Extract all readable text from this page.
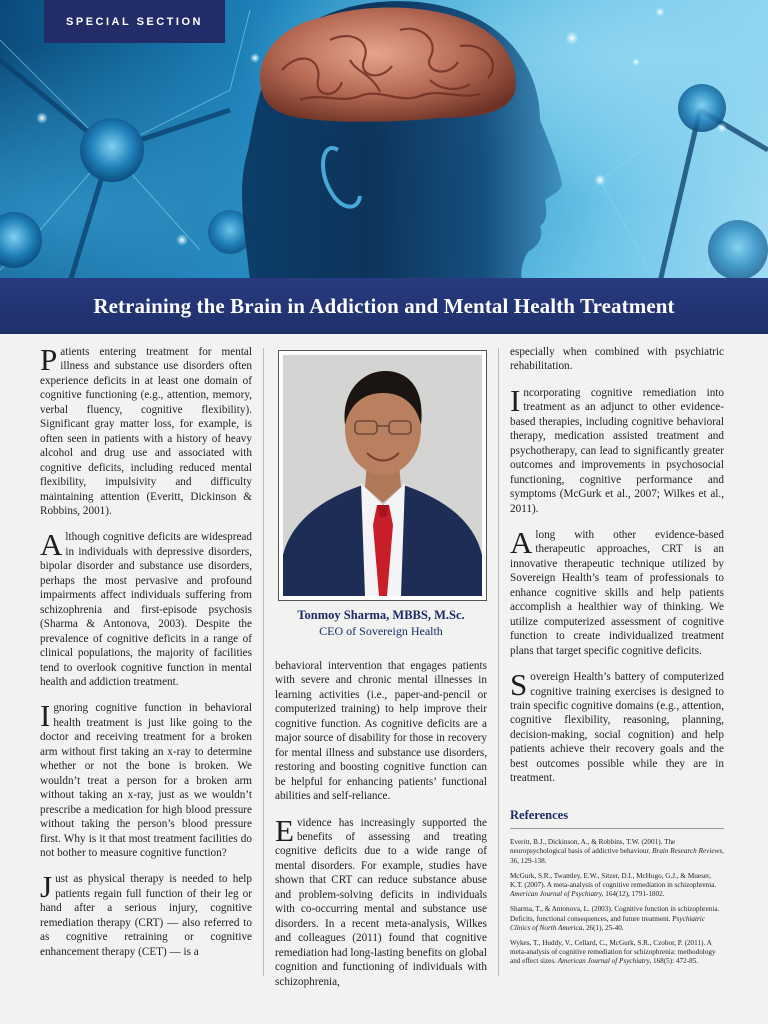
SPECIAL SECTION
Retraining the Brain in Addiction and Mental Health Treatment

Patients entering treatment for mental illness and substance use disorders often experience deficits in at least one domain of cognitive functioning (e.g., attention, memory, verbal fluency, cognitive flexibility). Significant gray matter loss, for example, is often seen in patients with a history of heavy alcohol and drug use and associated with cognitive deficits, including reduced mental flexibility, impulsivity and difficulty maintaining attention (Everitt, Dickinson & Robbins, 2001).

Although cognitive deficits are widespread in individuals with depressive disorders, bipolar disorder and substance use disorders, perhaps the most pervasive and profound impairments affect individuals suffering from schizophrenia and first-episode psychosis (Sharma & Antonova, 2003). Despite the prevalence of cognitive deficits in a range of clinical populations, the majority of facilities tend to overlook cognitive function in mental health and addiction treatment.

Ignoring cognitive function in behavioral health treatment is just like going to the doctor and receiving treatment for a broken arm without first taking an x-ray to determine whether or not the bone is broken. We wouldn’t treat a person for a broken arm without taking an x-ray, just as we wouldn’t prescribe a medication for high blood pressure without taking the person’s blood pressure first. Why is it that most treatment facilities do not bother to measure cognitive function?

Just as physical therapy is needed to help patients regain full function of their leg or hand after a serious injury, cognitive remediation therapy (CRT) — also referred to as cognitive retraining or cognitive enhancement therapy (CET) — is a

Tonmoy Sharma, MBBS, M.Sc.
CEO of Sovereign Health

behavioral intervention that engages patients with severe and chronic mental illnesses in learning activities (i.e., paper-and-pencil or computerized training) to help improve their cognitive function. As cognitive deficits are a major source of disability for those in recovery for mental illness and substance use disorders, restoring and boosting cognitive function can be helpful for enhancing patients’ functional abilities and self-reliance.

Evidence has increasingly supported the benefits of assessing and treating cognitive deficits due to a wide range of mental disorders. For example, studies have shown that CRT can reduce substance abuse and problem-solving deficits in individuals with co-occurring mental and substance use disorders. In a recent meta-analysis, Wilkes and colleagues (2011) found that cognitive remediation had long-lasting benefits on global cognition and functioning of individuals with schizophrenia,

especially when combined with psychiatric rehabilitation.

Incorporating cognitive remediation into treatment as an adjunct to other evidence-based therapies, including cognitive behavioral therapy, medication assisted treatment and psychotherapy, can lead to significantly greater outcomes and improvements in psychosocial functioning, cognitive performance and symptoms (McGurk et al., 2007; Wilkes et al., 2011).

Along with other evidence-based therapeutic approaches, CRT is an innovative therapeutic technique utilized by Sovereign Health’s team of professionals to enhance cognitive skills and help patients accomplish a healthier way of thinking. We utilize computerized assessment of cognitive function to create individualized treatment plans that target specific cognitive deficits.

Sovereign Health’s battery of computerized cognitive training exercises is designed to train specific cognitive domains (e.g., attention, cognitive flexibility, reasoning, planning, decision-making, social cognition) and help patients achieve their recovery goals and the best outcomes possible while they are in treatment.

References
Everitt, B.J., Dickinson, A., & Robbins, T.W. (2001). The neuropsychological basis of addictive behaviour. Brain Research Reviews, 36, 129-138.
McGurk, S.R., Twamley, E.W., Sitzer, D.I., McHugo, G.J., & Mueser, K.T. (2007). A meta-analysis of cognitive remediation in schizophrenia. American Journal of Psychiatry, 164(12), 1791-1802.
Sharma, T., & Antonova, L. (2003). Cognitive function in schizophrenia. Deficits, functional consequences, and future treatment. Psychiatric Clinics of North America, 26(1), 25-40.
Wykes, T., Huddy, V., Cellard, C., McGurk, S.R., Czobor, P. (2011). A meta-analysis of cognitive remediation for schizophrenia: methodology and effect sizes. American Journal of Psychiatry, 168(5): 472-85.
